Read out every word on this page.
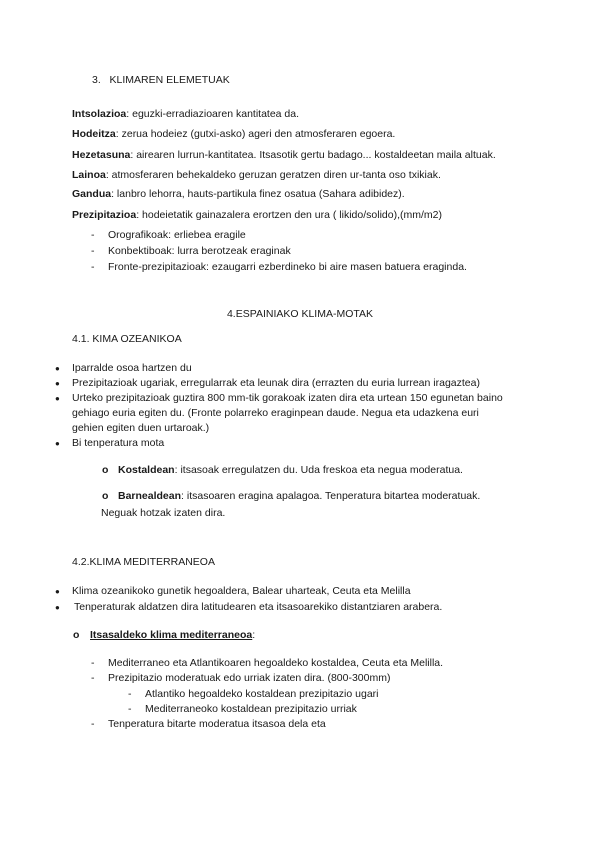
3. KLIMAREN ELEMETUAK
Intsolazioa: eguzki-erradiazioaren kantitatea da.
Hodeitza: zerua hodeiez (gutxi-asko) ageri den atmosferaren egoera.
Hezetasuna: airearen lurrun-kantitatea. Itsasotik gertu badago... kostaldeetan maila altuak.
Lainoa: atmosferaren behekaldeko geruzan geratzen diren ur-tanta oso txikiak.
Gandua: lanbro lehorra, hauts-partikula finez osatua (Sahara adibidez).
Prezipitazioa: hodeietatik gainazalera erortzen den ura ( likido/solido),(mm/m2)
- Orografikoak: erliebea eragile
- Konbektiboak: lurra berotzeak eraginak
- Fronte-prezipitazioak: ezaugarri ezberdineko bi aire masen batuera eraginda.
4.ESPAINIAKO KLIMA-MOTAK
4.1. KIMA OZEANIKOA
● Iparralde osoa hartzen du
● Prezipitazioak ugariak, erregularrak eta leunak dira (errazten du euria lurrean iragaztea)
● Urteko prezipitazioak guztira 800 mm-tik gorakoak izaten dira eta urtean 150 egunetan baino
gehiago euria egiten du. (Fronte polarreko eraginpean daude. Negua eta udazkena euri
gehien egiten duen urtaroak.)
● Bi tenperatura mota
o Kostaldean: itsasoak erregulatzen du. Uda freskoa eta negua moderatua.
o Barnealdean: itsasoaren eragina apalagoa. Tenperatura bitartea moderatuak.
Neguak hotzak izaten dira.
4.2.KLIMA MEDITERRANEOA
● Klima ozeanikoko gunetik hegoaldera, Balear uharteak, Ceuta eta Melilla
● Tenperaturak aldatzen dira latitudearen eta itsasoarekiko distantziaren arabera.
o Itsasaldeko klima mediterraneoa:
- Mediterraneo eta Atlantikoaren hegoaldeko kostaldea, Ceuta eta Melilla.
- Prezipitazio moderatuak edo urriak izaten dira. (800-300mm)
- Atlantiko hegoaldeko kostaldean prezipitazio ugari
- Mediterraneoko kostaldean prezipitazio urriak
- Tenperatura bitarte moderatua itsasoa dela eta
